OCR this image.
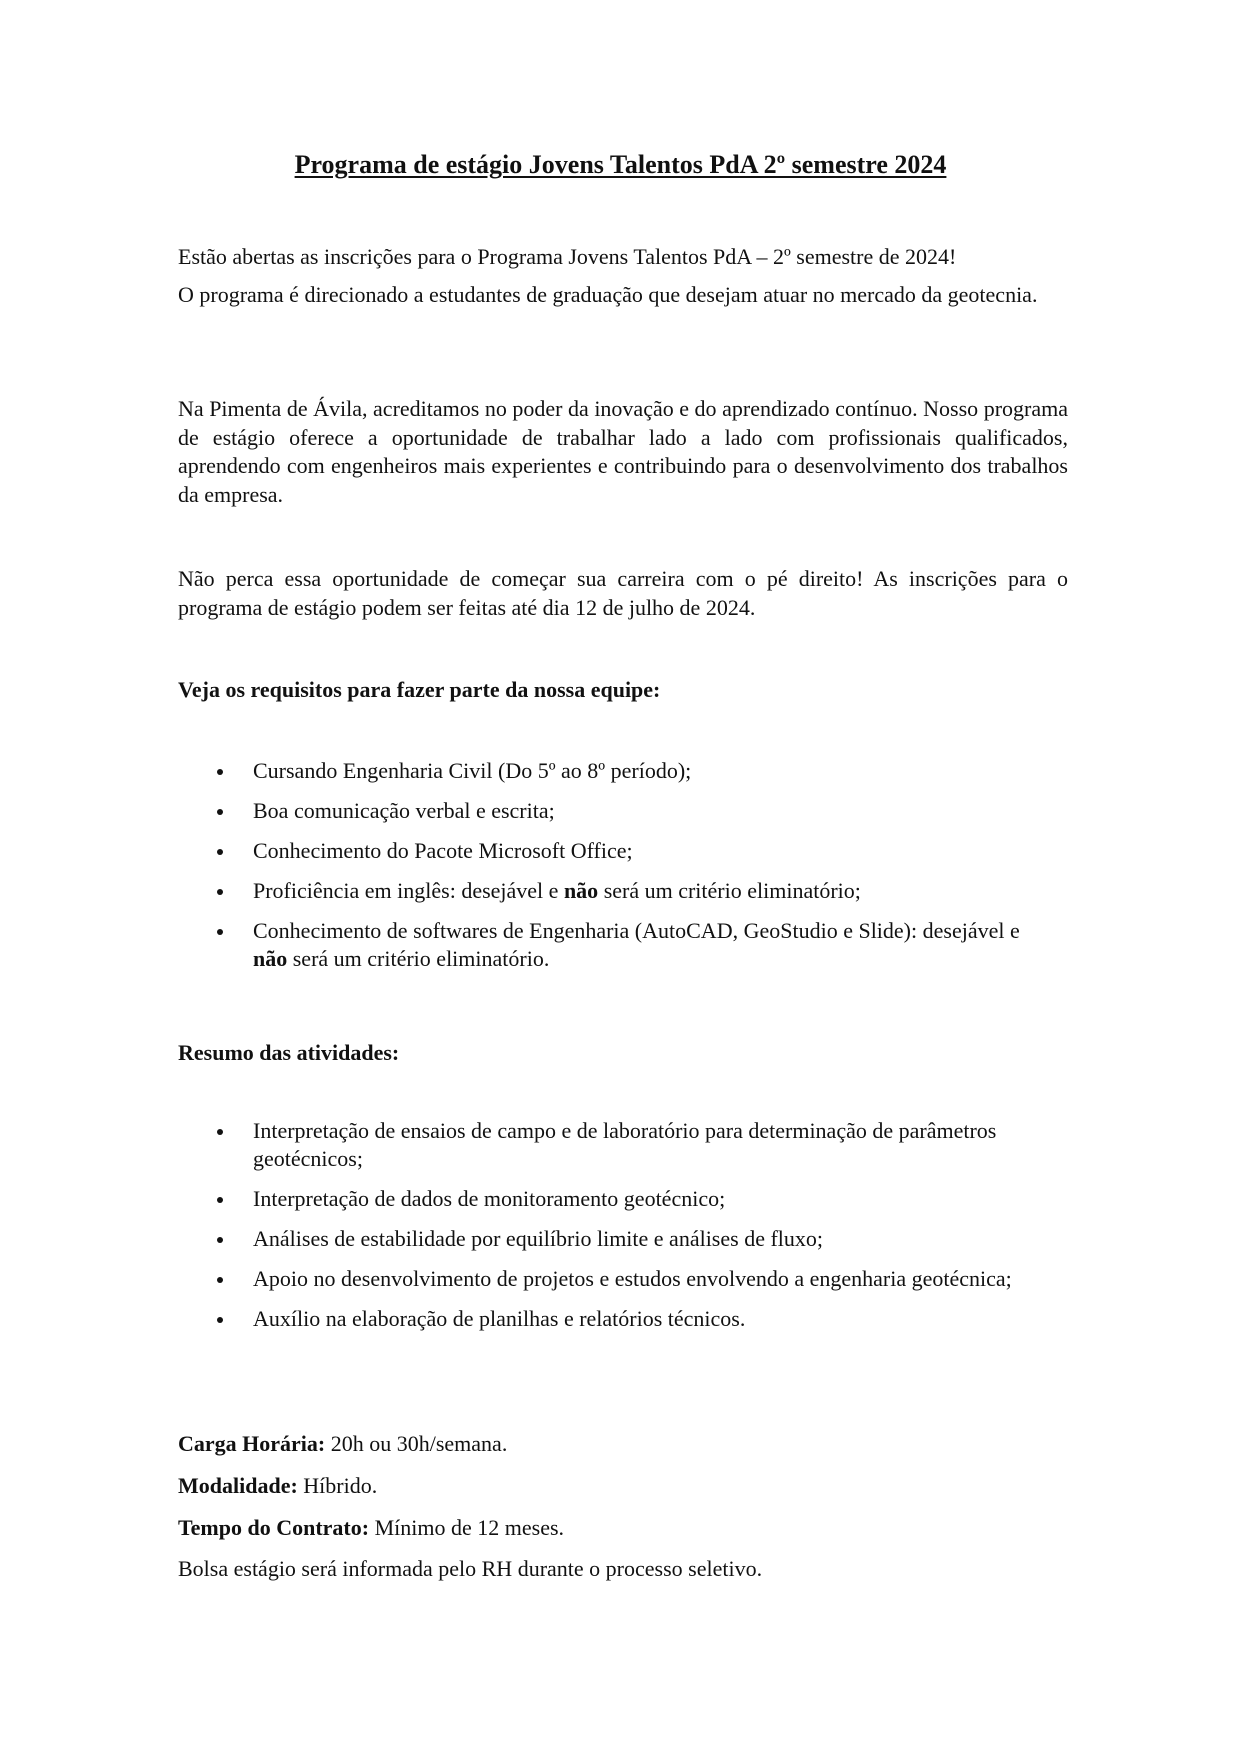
Programa de estágio Jovens Talentos PdA 2º semestre 2024

Estão abertas as inscrições para o Programa Jovens Talentos PdA – 2º semestre de 2024!

O programa é direcionado a estudantes de graduação que desejam atuar no mercado da geotecnia.

Na Pimenta de Ávila, acreditamos no poder da inovação e do aprendizado contínuo. Nosso programa de estágio oferece a oportunidade de trabalhar lado a lado com profissionais qualificados, aprendendo com engenheiros mais experientes e contribuindo para o desenvolvimento dos trabalhos da empresa.

Não perca essa oportunidade de começar sua carreira com o pé direito! As inscrições para o programa de estágio podem ser feitas até dia 12 de julho de 2024.

Veja os requisitos para fazer parte da nossa equipe:

Cursando Engenharia Civil (Do 5º ao 8º período);
Boa comunicação verbal e escrita;
Conhecimento do Pacote Microsoft Office;
Proficiência em inglês: desejável e não será um critério eliminatório;
Conhecimento de softwares de Engenharia (AutoCAD, GeoStudio e Slide): desejável e não será um critério eliminatório.

Resumo das atividades:

Interpretação de ensaios de campo e de laboratório para determinação de parâmetros geotécnicos;
Interpretação de dados de monitoramento geotécnico;
Análises de estabilidade por equilíbrio limite e análises de fluxo;
Apoio no desenvolvimento de projetos e estudos envolvendo a engenharia geotécnica;
Auxílio na elaboração de planilhas e relatórios técnicos.

Carga Horária: 20h ou 30h/semana.

Modalidade: Híbrido.

Tempo do Contrato: Mínimo de 12 meses.

Bolsa estágio será informada pelo RH durante o processo seletivo.
